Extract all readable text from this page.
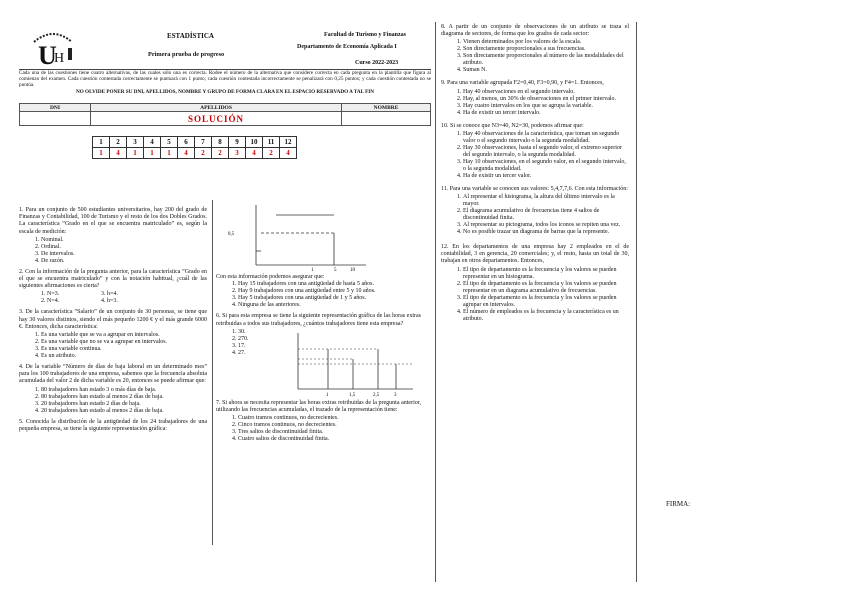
U
H
ESTADÍSTICA
Primera prueba de progreso
Facultad de Turismo y Finanzas
Departamento de Economía Aplicada I
Curso 2022-2023
Cada una de las cuestiones tiene cuatro alternativas, de las cuales sólo una es correcta. Rodee el número de la alternativa que considere correcta en cada pregunta en la plantilla que figura al comienzo del examen. Cada cuestión contestada correctamente se puntuará con 1 punto; cada cuestión contestada incorrectamente se penalizará con 0,25 puntos; y cada cuestión contestada no se puntúa.

NO OLVIDE PONER SU DNI, APELLIDOS, NOMBRE Y GRUPO DE FORMA CLARA EN EL ESPACIO RESERVADO A TAL FIN
DNI	APELLIDOS	NOMBRE
	SOLUCIÓN	
1	2	3	4	5	6	7	8	9	10	11	12
1	4	1	1	1	4	2	2	3	4	2	4

1. Para un conjunto de 500 estudiantes universitarios, hay 200 del grado de Finanzas y Contabilidad, 100 de Turismo y el resto de los dos Dobles Grados. La característica “Grado en el que se encuentra matriculado” es, según la escala de medición:

1. Nominal.
2. Ordinal.
3. De intervalos.
4. De razón.

2. Con la información de la pregunta anterior, para la característica “Grado en el que se encuentra matriculado” y con la notación habitual, ¿cuál de las siguientes afirmaciones es cierta?

1. N=3.	3. h=4.
2. N=4.	4. h=3.

3. De la característica “Salario” de un conjunto de 30 personas, se tiene que hay 30 valores distintos, siendo el más pequeño 1200 € y el más grande 6000 €. Entonces, dicha característica:

1. Es una variable que se va a agrupar en intervalos.
2. Es una variable que no se va a agrupar en intervalos.
3. Es una variable continua.
4. Es un atributo.

4. De la variable “Número de días de baja laboral en un determinado mes” para los 100 trabajadores de una empresa, sabemos que la frecuencia absoluta acumulada del valor 2 de dicha variable es 20, entonces se puede afirmar que:

1. 80 trabajadores han estado 3 o más días de baja.
2. 80 trabajadores han estado al menos 2 días de baja.
3. 20 trabajadores han estado 2 días de baja.
4. 20 trabajadores han estado al menos 2 días de baja.

5. Conocida la distribución de la antigüedad de los 24 trabajadores de una pequeña empresa, se tiene la siguiente representación gráfica:

0,5
1	5	10

Con esta información podemos asegurar que:

1. Hay 15 trabajadores con una antigüedad de hasta 5 años.
2. Hay 9 trabajadores con una antigüedad entre 5 y 10 años.
3. Hay 5 trabajadores con una antigüedad de 1 y 5 años.
4. Ninguna de las anteriores.

6. Si para esta empresa se tiene la siguiente representación gráfica de las horas extras retribuidas a todos sus trabajadores, ¿cuántos trabajadores tiene esta empresa?

1. 30.
2. 270.
3. 17.
4. 27.
1	1,5	2,5	3

7. Si ahora se necesita representar las horas extras retribuidas de la pregunta anterior, utilizando las frecuencias acumuladas, el trazado de la representación tiene:

1. Cuatro tramos continuos, no decrecientes.
2. Cinco tramos continuos, no decrecientes.
3. Tres saltos de discontinuidad finita.
4. Cuatro saltos de discontinuidad finita.

8. A partir de un conjunto de observaciones de un atributo se traza el diagrama de sectores, de forma que los grados de cada sector:

1. Vienen determinados por los valores de la escala.
2. Son directamente proporcionales a sus frecuencias.
3. Son directamente proporcionales al número de las modalidades del atributo.
4. Suman N.

9. Para una variable agrupada F2=0,40, F3=0,90, y F4=1. Entonces,

1. Hay 40 observaciones en el segundo intervalo.
2. Hay, al menos, un 30% de observaciones en el primer intervalo.
3. Hay cuatro intervalos en los que se agrupa la variable.
4. Ha de existir un tercer intervalo.

10. Si se conoce que N3=40, N2=30, podemos afirmar que:

1. Hay 40 observaciones de la característica, que toman un segundo valor o el segundo intervalo o la segunda modalidad.
2. Hay 30 observaciones, hasta el segundo valor, el extremo superior del segundo intervalo, o la segunda modalidad.
3. Hay 10 observaciones, en el segundo valor, en el segundo intervalo, o la segunda modalidad.
4. Ha de existir un tercer valor.

11. Para una variable se conocen sus valores: 5,4,7,7,6. Con esta información:

1. Al representar el histograma, la altura del último intervalo es la mayor.
2. El diagrama acumulativo de frecuencias tiene 4 saltos de discontinuidad finita.
3. Al representar su pictograma, todos los iconos se repiten una vez.
4. No es posible trazar un diagrama de barras que la represente.

12. En los departamentos de una empresa hay 2 empleados en el de contabilidad, 3 en gerencia, 20 comerciales; y, el resto, hasta un total de 30, trabajan en otros departamentos. Entonces,

1. El tipo de departamento es la frecuencia y los valores se pueden representar en un histograma.
2. El tipo de departamento es la frecuencia y los valores se pueden representar en un diagrama acumulativo de frecuencias.
3. El tipo de departamento es la frecuencia y los valores se pueden agrupar en intervalos.
4. El número de empleados es la frecuencia y la característica es un atributo.
FIRMA:
